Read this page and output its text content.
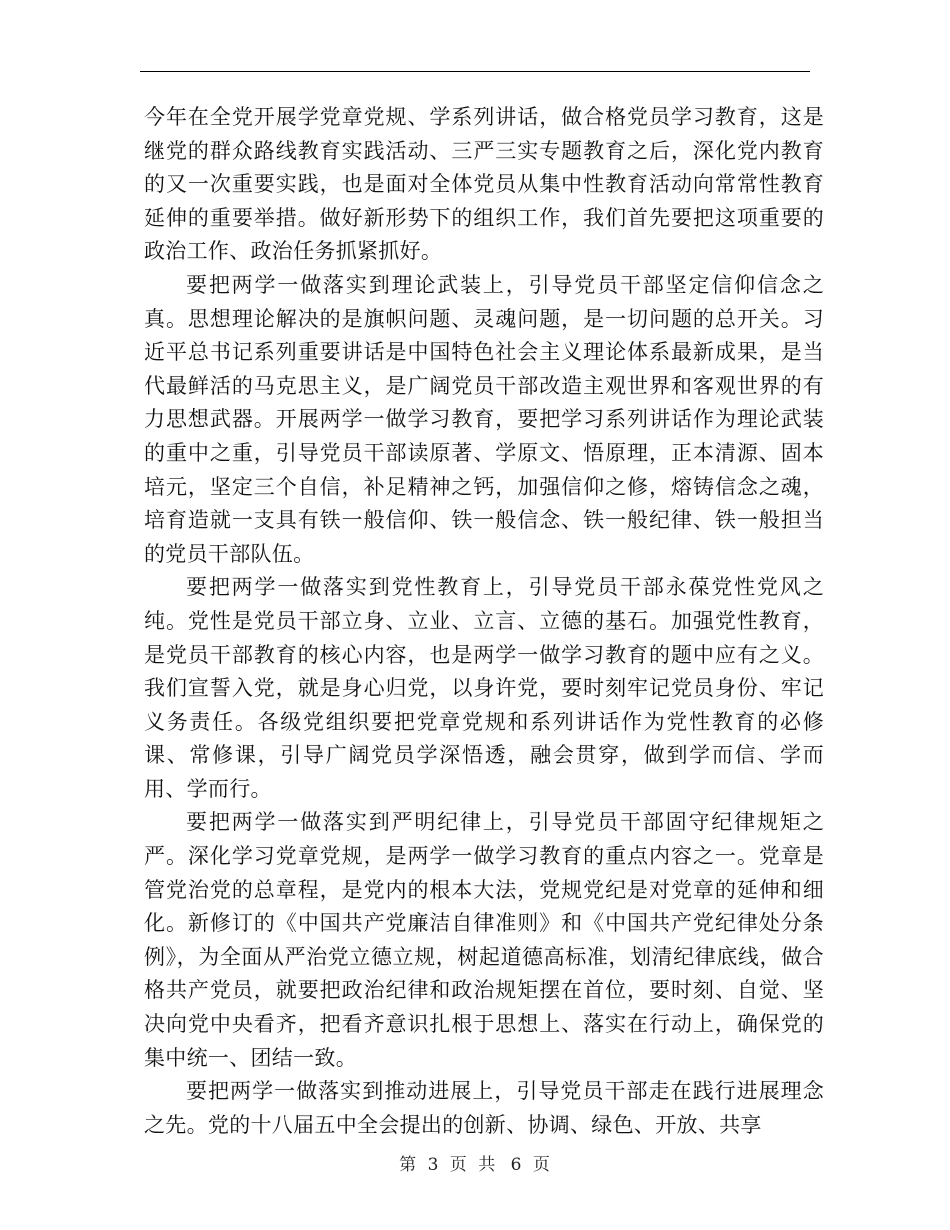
今年在全党开展学党章党规、学系列讲话，做合格党员学习教育，这是继党的群众路线教育实践活动、三严三实专题教育之后，深化党内教育的又一次重要实践，也是面对全体党员从集中性教育活动向常常性教育延伸的重要举措。做好新形势下的组织工作，我们首先要把这项重要的政治工作、政治任务抓紧抓好。

要把两学一做落实到理论武装上，引导党员干部坚定信仰信念之真。思想理论解决的是旗帜问题、灵魂问题，是一切问题的总开关。习近平总书记系列重要讲话是中国特色社会主义理论体系最新成果，是当代最鲜活的马克思主义，是广阔党员干部改造主观世界和客观世界的有力思想武器。开展两学一做学习教育，要把学习系列讲话作为理论武装的重中之重，引导党员干部读原著、学原文、悟原理，正本清源、固本培元，坚定三个自信，补足精神之钙，加强信仰之修，熔铸信念之魂，培育造就一支具有铁一般信仰、铁一般信念、铁一般纪律、铁一般担当的党员干部队伍。

要把两学一做落实到党性教育上，引导党员干部永葆党性党风之纯。党性是党员干部立身、立业、立言、立德的基石。加强党性教育，是党员干部教育的核心内容，也是两学一做学习教育的题中应有之义。我们宣誓入党，就是身心归党，以身许党，要时刻牢记党员身份、牢记义务责任。各级党组织要把党章党规和系列讲话作为党性教育的必修课、常修课，引导广阔党员学深悟透，融会贯穿，做到学而信、学而用、学而行。

要把两学一做落实到严明纪律上，引导党员干部固守纪律规矩之严。深化学习党章党规，是两学一做学习教育的重点内容之一。党章是管党治党的总章程，是党内的根本大法，党规党纪是对党章的延伸和细化。新修订的《中国共产党廉洁自律准则》和《中国共产党纪律处分条例》，为全面从严治党立德立规，树起道德高标准，划清纪律底线，做合格共产党员，就要把政治纪律和政治规矩摆在首位，要时刻、自觉、坚决向党中央看齐，把看齐意识扎根于思想上、落实在行动上，确保党的集中统一、团结一致。

要把两学一做落实到推动进展上，引导党员干部走在践行进展理念之先。党的十八届五中全会提出的创新、协调、绿色、开放、共享

第 3 页 共 6 页
